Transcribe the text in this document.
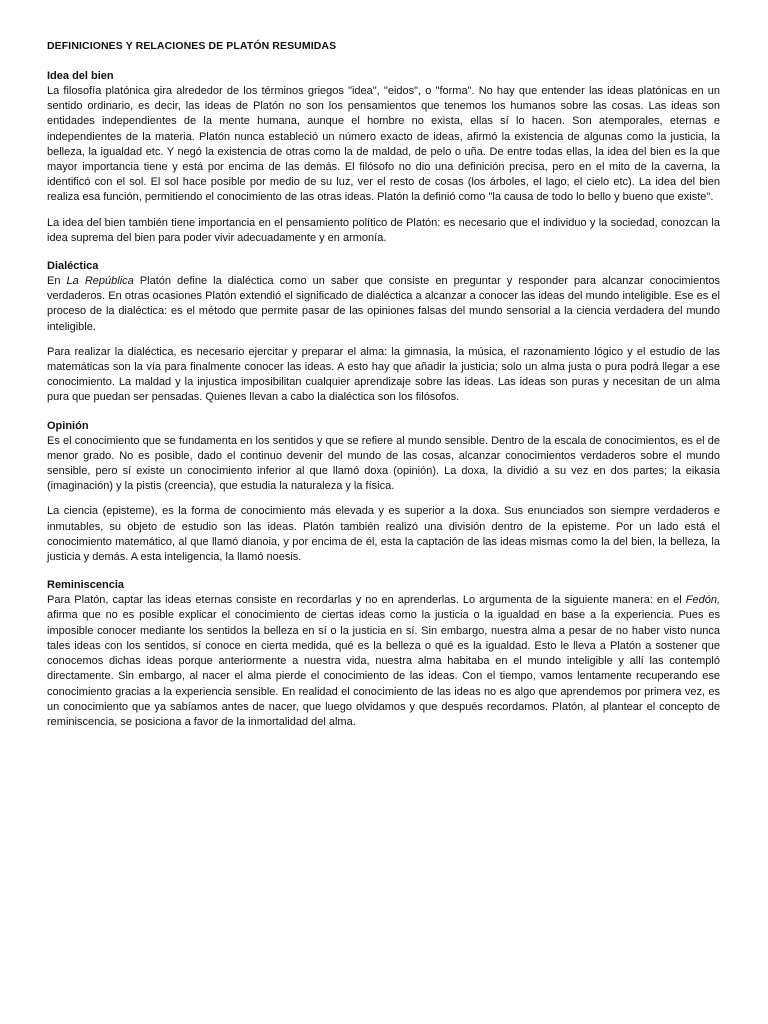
DEFINICIONES Y RELACIONES DE PLATÓN RESUMIDAS
Idea del bien

La filosofía platónica gira alrededor de los términos griegos "idea", "eidos", o "forma". No hay que entender las ideas platónicas en un sentido ordinario, es decir, las ideas de Platón no son los pensamientos que tenemos los humanos sobre las cosas. Las ideas son entidades independientes de la mente humana, aunque el hombre no exista, ellas sí lo hacen. Son atemporales, eternas e independientes de la materia. Platón nunca estableció un número exacto de ideas, afirmó la existencia de algunas como la justicia, la belleza, la igualdad etc. Y negó la existencia de otras como la de maldad, de pelo o uña. De entre todas ellas, la idea del bien es la que mayor importancia tiene y está por encima de las demás. El filósofo no dio una definición precisa, pero en el mito de la caverna, la identificó con el sol. El sol hace posible por medio de su luz, ver el resto de cosas (los árboles, el lago, el cielo etc). La idea del bien realiza esa función, permitiendo el conocimiento de las otras ideas. Platón la definió como "la causa de todo lo bello y bueno que existe".

La idea del bien también tiene importancia en el pensamiento político de Platón: es necesario que el individuo y la sociedad, conozcan la idea suprema del bien para poder vivir adecuadamente y en armonía.

Dialéctica

En La República Platón define la dialéctica como un saber que consiste en preguntar y responder para alcanzar conocimientos verdaderos. En otras ocasiones Platón extendió el significado de dialéctica a alcanzar a conocer las ideas del mundo inteligible. Ese es el proceso de la dialéctica: es el método que permite pasar de las opiniones falsas del mundo sensorial a la ciencia verdadera del mundo inteligible.

Para realizar la dialéctica, es necesario ejercitar y preparar el alma: la gimnasia, la música, el razonamiento lógico y el estudio de las matemáticas son la vía para finalmente conocer las ideas. A esto hay que añadir la justicia; solo un alma justa o pura podrá llegar a ese conocimiento. La maldad y la injustica imposibilitan cualquier aprendizaje sobre las ideas. Las ideas son puras y necesitan de un alma pura que puedan ser pensadas. Quienes llevan a cabo la dialéctica son los filósofos.

Opinión

Es el conocimiento que se fundamenta en los sentidos y que se refiere al mundo sensible. Dentro de la escala de conocimientos, es el de menor grado. No es posible, dado el continuo devenir del mundo de las cosas, alcanzar conocimientos verdaderos sobre el mundo sensible, pero sí existe un conocimiento inferior al que llamó doxa (opinión). La doxa, la dividió a su vez en dos partes; la eikasia (imaginación) y la pistis (creencia), que estudia la naturaleza y la física.

La ciencia (episteme), es la forma de conocimiento más elevada y es superior a la doxa. Sus enunciados son siempre verdaderos e inmutables, su objeto de estudio son las ideas. Platón también realizó una división dentro de la episteme. Por un lado está el conocimiento matemático, al que llamó dianoia, y por encima de él, esta la captación de las ideas mismas como la del bien, la belleza, la justicia y demás. A esta inteligencia, la llamó noesis.

Reminiscencia

Para Platón, captar las ideas eternas consiste en recordarlas y no en aprenderlas. Lo argumenta de la siguiente manera: en el Fedón, afirma que no es posible explicar el conocimiento de ciertas ideas como la justicia o la igualdad en base a la experiencia. Pues es imposible conocer mediante los sentidos la belleza en sí o la justicia en sí. Sin embargo, nuestra alma a pesar de no haber visto nunca tales ideas con los sentidos, sí conoce en cierta medida, qué es la belleza o qué es la igualdad. Esto le lleva a Platón a sostener que conocemos dichas ideas porque anteriormente a nuestra vida, nuestra alma habitaba en el mundo inteligible y allí las contempló directamente. Sin embargo, al nacer el alma pierde el conocimiento de las ideas. Con el tiempo, vamos lentamente recuperando ese conocimiento gracias a la experiencia sensible. En realidad el conocimiento de las ideas no es algo que aprendemos por primera vez, es un conocimiento que ya sabíamos antes de nacer, que luego olvidamos y que después recordamos. Platón, al plantear el concepto de reminiscencia, se posiciona a favor de la inmortalidad del alma.
